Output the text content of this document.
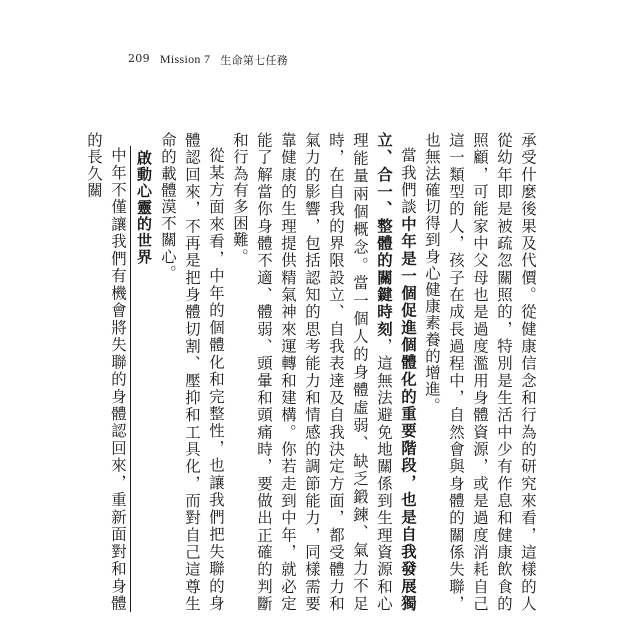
209 Mission 7 生命第七任務

承受什麼後果及代價。從健康信念和行為的研究來看，這樣的人從幼年即是被疏忽關照的，特別是生活中少有作息和健康飲食的照顧，可能家中父母也是過度濫用身體資源，或是過度消耗自己這一類型的人，孩子在成長過程中，自然會與身體的關係失聯，也無法確切得到身心健康素養的增進。

當我們談中年是一個促進個體化的重要階段，也是自我發展獨立、合一、整體的關鍵時刻，這無法避免地關係到生理資源和心理能量兩個概念。當一個人的身體虛弱、缺乏鍛鍊、氣力不足時，在自我的界限設立、自我表達及自我決定方面，都受體力和氣力的影響，包括認知的思考能力和情感的調節能力，同樣需要靠健康的生理提供精氣神來運轉和建構。你若走到中年，就必定能了解當你身體不適、體弱、頭暈和頭痛時，要做出正確的判斷和行為有多困難。

從某方面來看，中年的個體化和完整性，也讓我們把失聯的身體認回來，不再是把身體切割、壓抑和工具化，而對自己這尊生命的載體漠不關心。

啟動心靈的世界

中年不僅讓我們有機會將失聯的身體認回來，重新面對和身體的長久關
